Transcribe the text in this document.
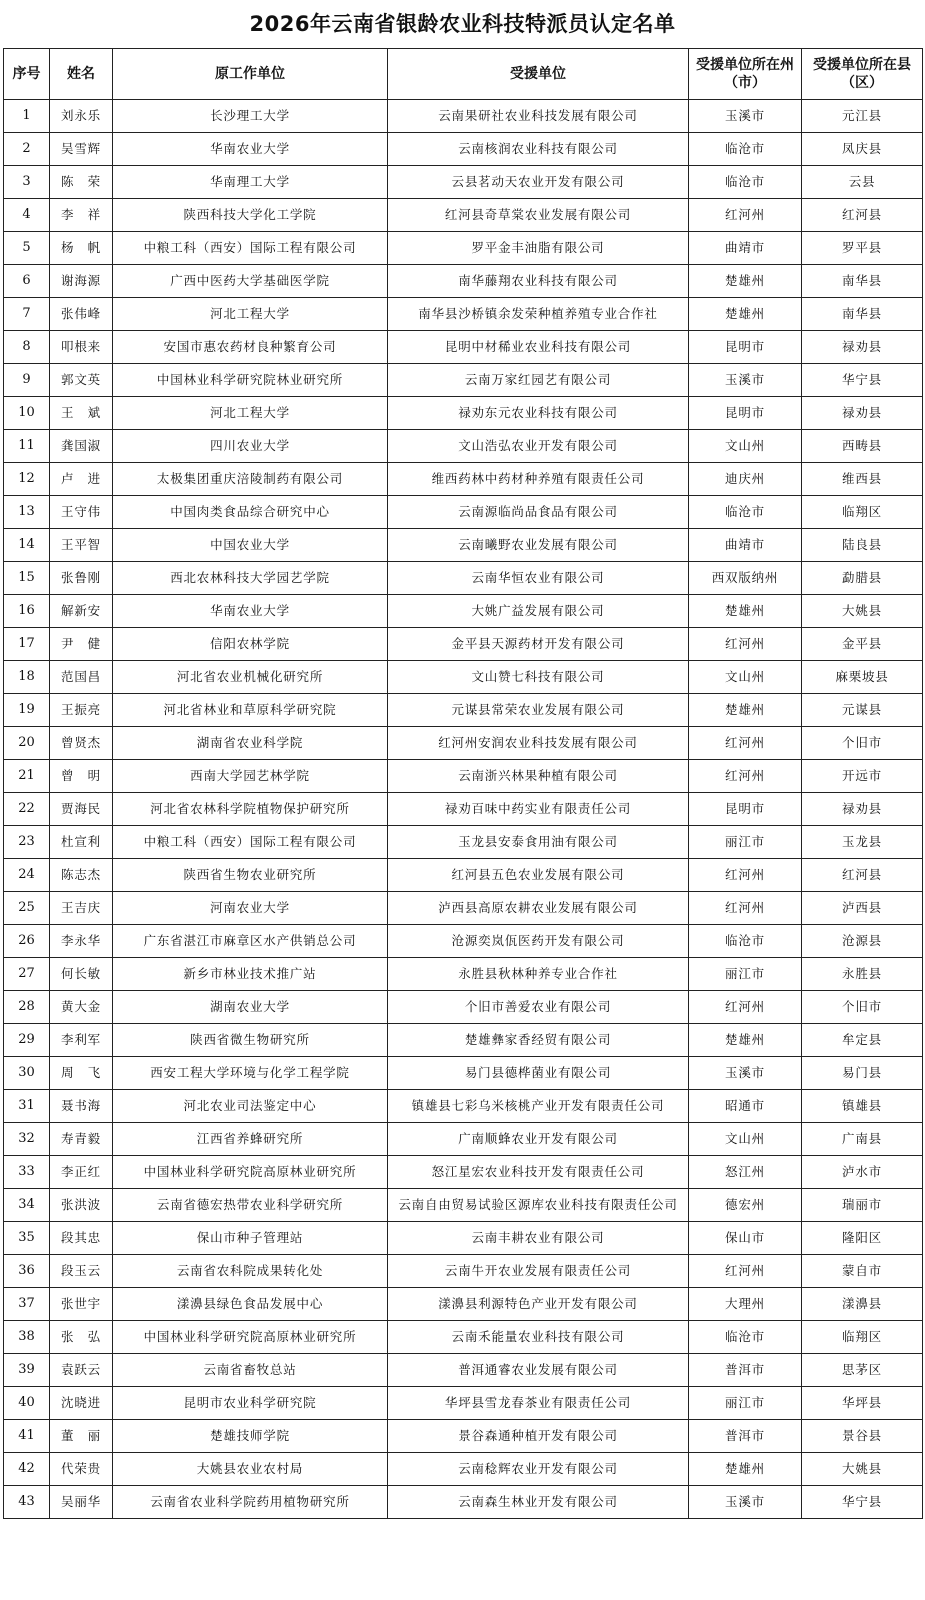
2026年云南省银龄农业科技特派员认定名单
序号	姓名	原工作单位	受援单位	受援单位所在州（市）	受援单位所在县（区）
1	刘永乐	长沙理工大学	云南果研社农业科技发展有限公司	玉溪市	元江县
2	吴雪辉	华南农业大学	云南核润农业科技有限公司	临沧市	凤庆县
3	陈　荣	华南理工大学	云县茗动天农业开发有限公司	临沧市	云县
4	李　祥	陕西科技大学化工学院	红河县奇草棠农业发展有限公司	红河州	红河县
5	杨　帆	中粮工科（西安）国际工程有限公司	罗平金丰油脂有限公司	曲靖市	罗平县
6	谢海源	广西中医药大学基础医学院	南华藤翔农业科技有限公司	楚雄州	南华县
7	张伟峰	河北工程大学	南华县沙桥镇余发荣种植养殖专业合作社	楚雄州	南华县
8	叩根来	安国市惠农药材良种繁育公司	昆明中材稀业农业科技有限公司	昆明市	禄劝县
9	郭文英	中国林业科学研究院林业研究所	云南万家红园艺有限公司	玉溪市	华宁县
10	王　斌	河北工程大学	禄劝东元农业科技有限公司	昆明市	禄劝县
11	龚国淑	四川农业大学	文山浩弘农业开发有限公司	文山州	西畴县
12	卢　进	太极集团重庆涪陵制药有限公司	维西药林中药材种养殖有限责任公司	迪庆州	维西县
13	王守伟	中国肉类食品综合研究中心	云南源临尚品食品有限公司	临沧市	临翔区
14	王平智	中国农业大学	云南曦野农业发展有限公司	曲靖市	陆良县
15	张鲁刚	西北农林科技大学园艺学院	云南华恒农业有限公司	西双版纳州	勐腊县
16	解新安	华南农业大学	大姚广益发展有限公司	楚雄州	大姚县
17	尹　健	信阳农林学院	金平县天源药材开发有限公司	红河州	金平县
18	范国昌	河北省农业机械化研究所	文山赞七科技有限公司	文山州	麻栗坡县
19	王振亮	河北省林业和草原科学研究院	元谋县常荣农业发展有限公司	楚雄州	元谋县
20	曾贤杰	湖南省农业科学院	红河州安润农业科技发展有限公司	红河州	个旧市
21	曾　明	西南大学园艺林学院	云南浙兴林果种植有限公司	红河州	开远市
22	贾海民	河北省农林科学院植物保护研究所	禄劝百味中药实业有限责任公司	昆明市	禄劝县
23	杜宣利	中粮工科（西安）国际工程有限公司	玉龙县安泰食用油有限公司	丽江市	玉龙县
24	陈志杰	陕西省生物农业研究所	红河县五色农业发展有限公司	红河州	红河县
25	王吉庆	河南农业大学	泸西县高原农耕农业发展有限公司	红河州	泸西县
26	李永华	广东省湛江市麻章区水产供销总公司	沧源奕岚佤医药开发有限公司	临沧市	沧源县
27	何长敏	新乡市林业技术推广站	永胜县秋林种养专业合作社	丽江市	永胜县
28	黄大金	湖南农业大学	个旧市善爱农业有限公司	红河州	个旧市
29	李利军	陕西省微生物研究所	楚雄彝家香经贸有限公司	楚雄州	牟定县
30	周　飞	西安工程大学环境与化学工程学院	易门县德桦菌业有限公司	玉溪市	易门县
31	聂书海	河北农业司法鉴定中心	镇雄县七彩乌米核桃产业开发有限责任公司	昭通市	镇雄县
32	寿青毅	江西省养蜂研究所	广南顺蜂农业开发有限公司	文山州	广南县
33	李正红	中国林业科学研究院高原林业研究所	怒江星宏农业科技开发有限责任公司	怒江州	泸水市
34	张洪波	云南省德宏热带农业科学研究所	云南自由贸易试验区源库农业科技有限责任公司	德宏州	瑞丽市
35	段其忠	保山市种子管理站	云南丰耕农业有限公司	保山市	隆阳区
36	段玉云	云南省农科院成果转化处	云南牛开农业发展有限责任公司	红河州	蒙自市
37	张世宇	漾濞县绿色食品发展中心	漾濞县利源特色产业开发有限公司	大理州	漾濞县
38	张　弘	中国林业科学研究院高原林业研究所	云南禾能量农业科技有限公司	临沧市	临翔区
39	袁跃云	云南省畜牧总站	普洱通睿农业发展有限公司	普洱市	思茅区
40	沈晓进	昆明市农业科学研究院	华坪县雪龙春茶业有限责任公司	丽江市	华坪县
41	董　丽	楚雄技师学院	景谷森通种植开发有限公司	普洱市	景谷县
42	代荣贵	大姚县农业农村局	云南稔辉农业开发有限公司	楚雄州	大姚县
43	吴丽华	云南省农业科学院药用植物研究所	云南森生林业开发有限公司	玉溪市	华宁县
